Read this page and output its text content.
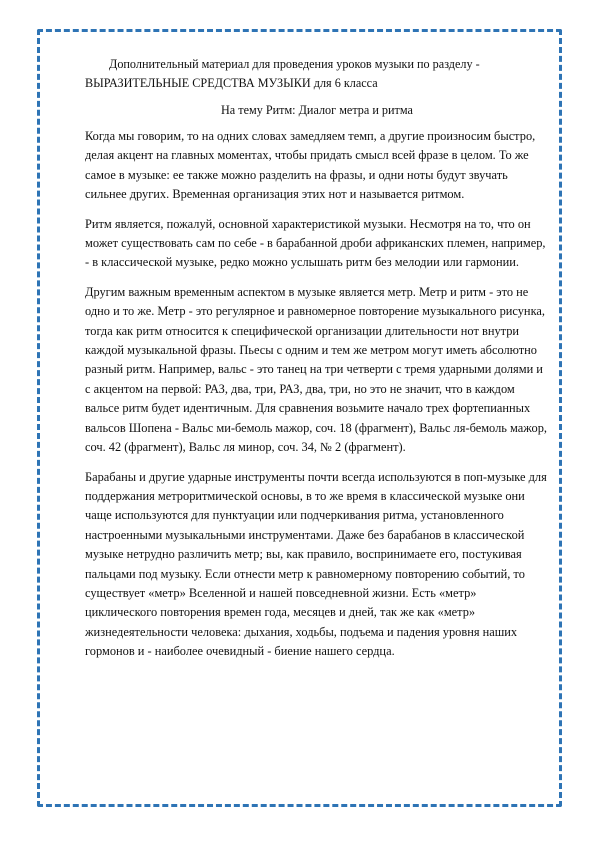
Дополнительный материал для проведения уроков музыки по разделу -
ВЫРАЗИТЕЛЬНЫЕ СРЕДСТВА МУЗЫКИ для 6 класса

На тему Ритм: Диалог метра и ритма

Когда мы говорим, то на одних словах замедляем темп, а другие произносим быстро, делая акцент на главных моментах, чтобы придать смысл всей фразе в целом. То же самое в музыке: ее также можно разделить на фразы, и одни ноты будут звучать сильнее других. Временная организация этих нот и называется ритмом.

Ритм является, пожалуй, основной характеристикой музыки. Несмотря на то, что он может существовать сам по себе - в барабанной дроби африканских племен, например, - в классической музыке, редко можно услышать ритм без мелодии или гармонии.

Другим важным временным аспектом в музыке является метр. Метр и ритм - это не одно и то же. Метр - это регулярное и равномерное повторение музыкального рисунка, тогда как ритм относится к специфической организации длительности нот внутри каждой музыкальной фразы. Пьесы с одним и тем же метром могут иметь абсолютно разный ритм. Например, вальс - это танец на три четверти с тремя ударными долями и с акцентом на первой: РАЗ, два, три, РАЗ, два, три, но это не значит, что в каждом вальсе ритм будет идентичным. Для сравнения возьмите начало трех фортепианных вальсов Шопена - Вальс ми-бемоль мажор, соч. 18 (фрагмент), Вальс ля-бемоль мажор, соч. 42 (фрагмент), Вальс ля минор, соч. 34, № 2 (фрагмент).

Барабаны и другие ударные инструменты почти всегда используются в поп-музыке для поддержания метроритмической основы, в то же время в классической музыке они чаще используются для пунктуации или подчеркивания ритма, установленного настроенными музыкальными инструментами. Даже без барабанов в классической музыке нетрудно различить метр; вы, как правило, воспринимаете его, постукивая пальцами под музыку. Если отнести метр к равномерному повторению событий, то существует «метр» Вселенной и нашей повседневной жизни. Есть «метр» циклического повторения времен года, месяцев и дней, так же как «метр» жизнедеятельности человека: дыхания, ходьбы, подъема и падения уровня наших гормонов и - наиболее очевидный - биение нашего сердца.
